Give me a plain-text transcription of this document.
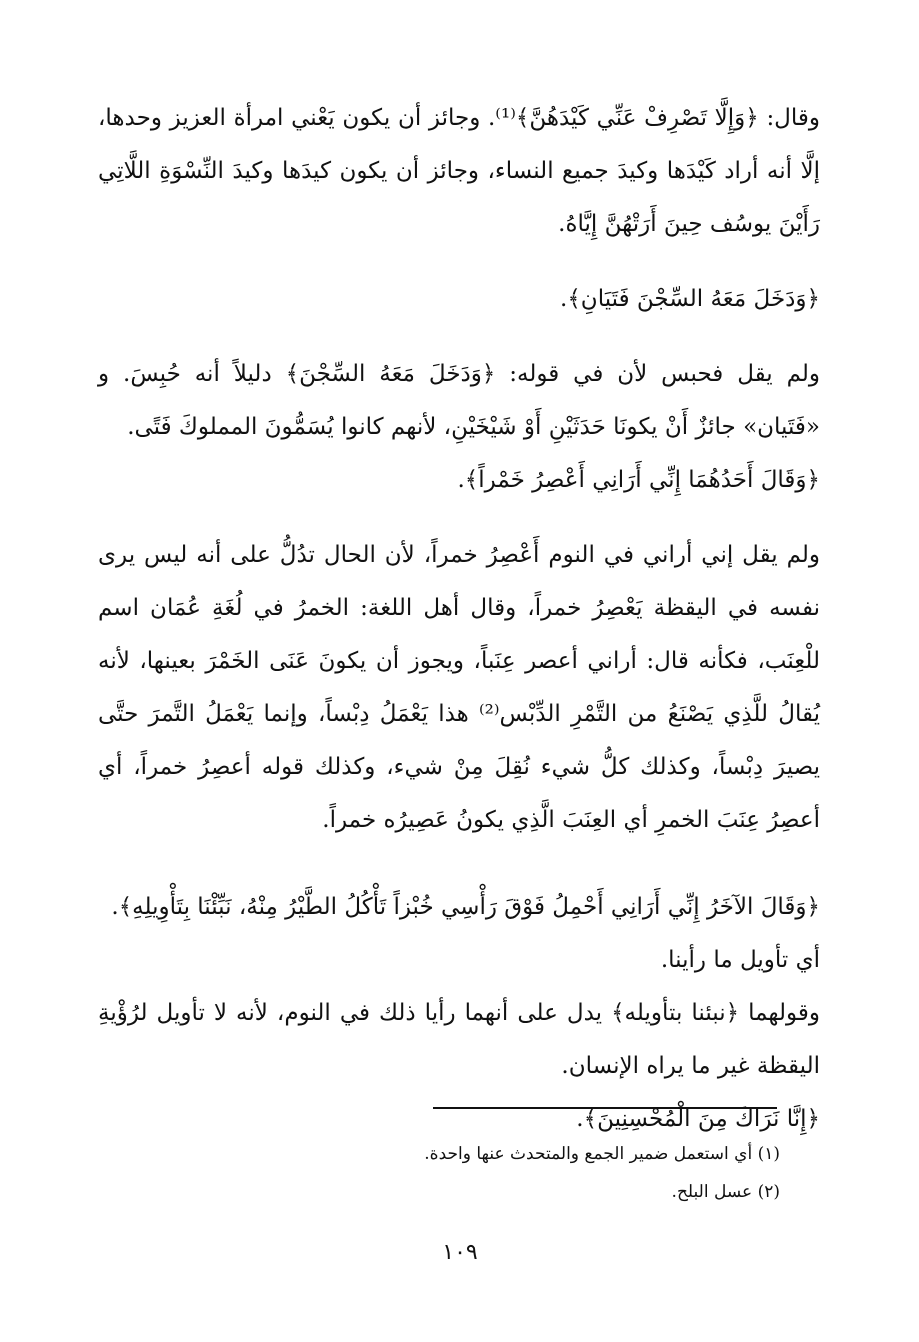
وقال: ﴿وَإِلَّا تَصْرِفْ عَنِّي كَيْدَهُنَّ﴾⁽¹⁾. وجائز أن يكون يَعْني امرأة العزيز وحدها، إلَّا أنه أراد كَيْدَها وكيدَ جميع النساء، وجائز أن يكون كيدَها وكيدَ النِّسْوَةِ اللَّاتِي رَأَيْنَ يوسُف حِينَ أَرَتْهُنَّ إِيَّاهُ.

﴿وَدَخَلَ مَعَهُ السِّجْنَ فَتَيَانِ﴾.

ولم يقل فحبس لأن في قوله: ﴿وَدَخَلَ مَعَهُ السِّجْنَ﴾ دليلاً أنه حُبِسَ. و «فَتَيان» جائزٌ أَنْ يكونَا حَدَثَيْنِ أَوْ شَيْخَيْنِ، لأنهم كانوا يُسَمُّونَ المملوكَ فَتًى.

﴿وَقَالَ أَحَدُهُمَا إِنِّي أَرَانِي أَعْصِرُ خَمْراً﴾.

ولم يقل إني أراني في النوم أَعْصِرُ خمراً، لأن الحال تدُلُّ على أنه ليس يرى نفسه في اليقظة يَعْصِرُ خمراً، وقال أهل اللغة: الخمرُ في لُغَةِ عُمَان اسم للْعِنَب، فكأنه قال: أراني أعصر عِنَباً، ويجوز أن يكونَ عَنَى الخَمْرَ بعينها، لأنه يُقالُ للَّذِي يَصْنَعُ من التَّمْرِ الدِّبْس⁽²⁾ هذا يَعْمَلُ دِبْساً، وإنما يَعْمَلُ التَّمرَ حتَّى يصيرَ دِبْساً، وكذلك كلُّ شيء نُقِلَ مِنْ شيء، وكذلك قوله أعصِرُ خمراً، أي أعصِرُ عِنَبَ الخمرِ أي العِنَبَ الَّذِي يكونُ عَصِيرُه خمراً.

﴿وَقَالَ الآخَرُ إِنِّي أَرَانِي أَحْمِلُ فَوْقَ رَأْسِي خُبْزاً تَأْكُلُ الطَّيْرُ مِنْهُ، نَبِّئْنَا بِتَأْوِيلِهِ﴾.

أي تأويل ما رأينا.

وقولهما ﴿نبئنا بتأويله﴾ يدل على أنهما رأيا ذلك في النوم، لأنه لا تأويل لرُؤْيةِ اليقظة غير ما يراه الإنسان.

﴿إِنَّا نَرَاكَ مِنَ الْمُحْسِنِينَ﴾.

(١) أي استعمل ضمير الجمع والمتحدث عنها واحدة.

(٢) عسل البلح.

١٠٩
